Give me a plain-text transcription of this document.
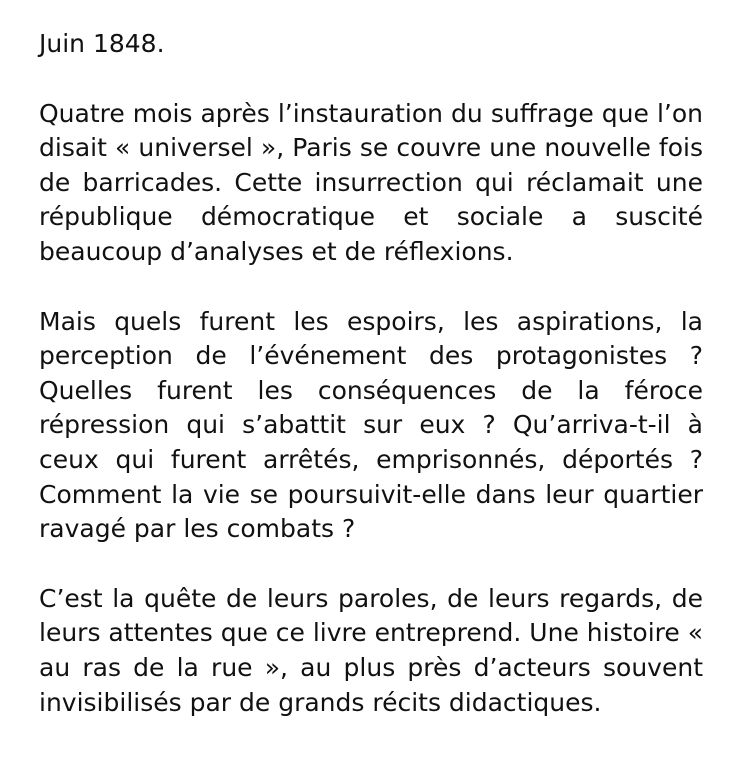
Juin 1848.

Quatre mois après l’instauration du suffrage que l’on disait « universel », Paris se couvre une nouvelle fois de barricades. Cette insurrection qui réclamait une république démocratique et sociale a suscité beaucoup d’analyses et de réflexions.

Mais quels furent les espoirs, les aspirations, la perception de l’événement des protagonistes ? Quelles furent les conséquences de la féroce répression qui s’abattit sur eux ? Qu’arriva-t-il à ceux qui furent arrêtés, emprisonnés, déportés ? Comment la vie se poursuivit-elle dans leur quartier ravagé par les combats ?

C’est la quête de leurs paroles, de leurs regards, de leurs attentes que ce livre entreprend. Une histoire « au ras de la rue », au plus près d’acteurs souvent invisibilisés par de grands récits didactiques.
